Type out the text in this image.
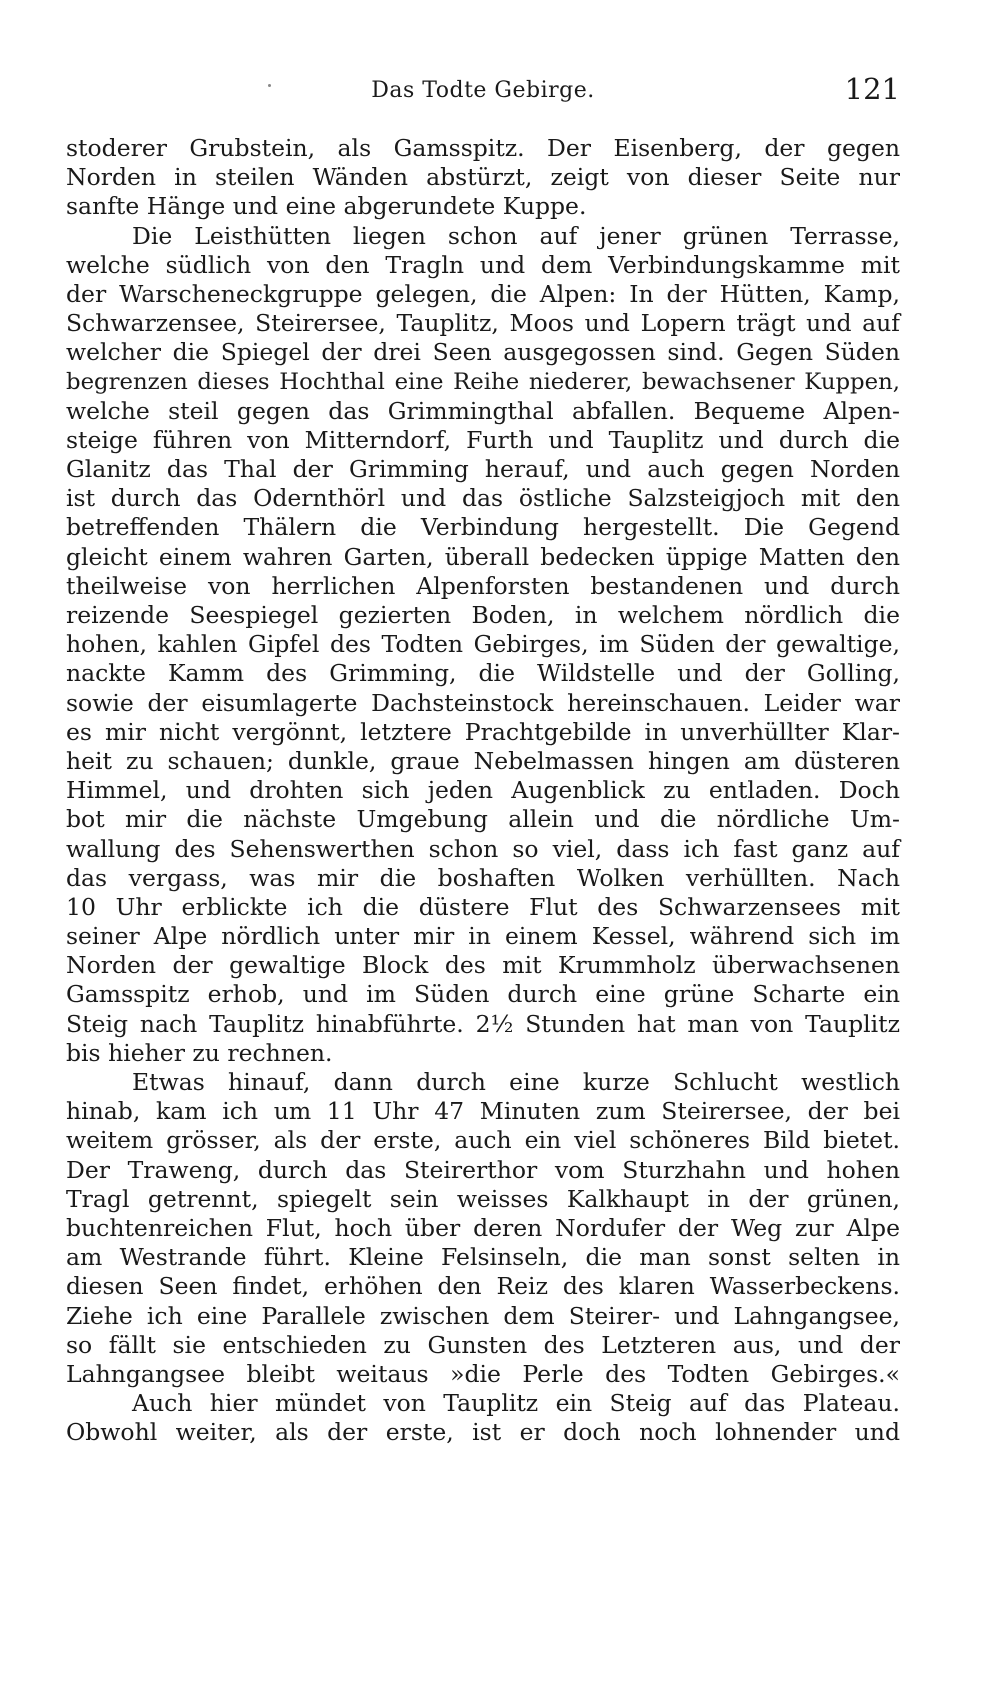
Das Todte Gebirge.	121
stoderer Grubstein, als Gamsspitz. Der Eisenberg, der gegen
Norden in steilen Wänden abstürzt, zeigt von dieser Seite nur
sanfte Hänge und eine abgerundete Kuppe.
Die Leisthütten liegen schon auf jener grünen Terrasse,
welche südlich von den Tragln und dem Verbindungskamme mit
der Warscheneckgruppe gelegen, die Alpen: In der Hütten, Kamp,
Schwarzensee, Steirersee, Tauplitz, Moos und Lopern trägt und auf
welcher die Spiegel der drei Seen ausgegossen sind. Gegen Süden
begrenzen dieses Hochthal eine Reihe niederer, bewachsener Kuppen,
welche steil gegen das Grimmingthal abfallen. Bequeme Alpen-
steige führen von Mitterndorf, Furth und Tauplitz und durch die
Glanitz das Thal der Grimming herauf, und auch gegen Norden
ist durch das Odernthörl und das östliche Salzsteigjoch mit den
betreffenden Thälern die Verbindung hergestellt. Die Gegend
gleicht einem wahren Garten, überall bedecken üppige Matten den
theilweise von herrlichen Alpenforsten bestandenen und durch
reizende Seespiegel gezierten Boden, in welchem nördlich die
hohen, kahlen Gipfel des Todten Gebirges, im Süden der gewaltige,
nackte Kamm des Grimming, die Wildstelle und der Golling,
sowie der eisumlagerte Dachsteinstock hereinschauen. Leider war
es mir nicht vergönnt, letztere Prachtgebilde in unverhüllter Klar-
heit zu schauen; dunkle, graue Nebelmassen hingen am düsteren
Himmel, und drohten sich jeden Augenblick zu entladen. Doch
bot mir die nächste Umgebung allein und die nördliche Um-
wallung des Sehenswerthen schon so viel, dass ich fast ganz auf
das vergass, was mir die boshaften Wolken verhüllten. Nach
10 Uhr erblickte ich die düstere Flut des Schwarzensees mit
seiner Alpe nördlich unter mir in einem Kessel, während sich im
Norden der gewaltige Block des mit Krummholz überwachsenen
Gamsspitz erhob, und im Süden durch eine grüne Scharte ein
Steig nach Tauplitz hinabführte. 2½ Stunden hat man von Tauplitz
bis hieher zu rechnen.
Etwas hinauf, dann durch eine kurze Schlucht westlich
hinab, kam ich um 11 Uhr 47 Minuten zum Steirersee, der bei
weitem grösser, als der erste, auch ein viel schöneres Bild bietet.
Der Traweng, durch das Steirerthor vom Sturzhahn und hohen
Tragl getrennt, spiegelt sein weisses Kalkhaupt in der grünen,
buchtenreichen Flut, hoch über deren Nordufer der Weg zur Alpe
am Westrande führt. Kleine Felsinseln, die man sonst selten in
diesen Seen findet, erhöhen den Reiz des klaren Wasserbeckens.
Ziehe ich eine Parallele zwischen dem Steirer- und Lahngangsee,
so fällt sie entschieden zu Gunsten des Letzteren aus, und der
Lahngangsee bleibt weitaus »die Perle des Todten Gebirges.«
Auch hier mündet von Tauplitz ein Steig auf das Plateau.
Obwohl weiter, als der erste, ist er doch noch lohnender und
